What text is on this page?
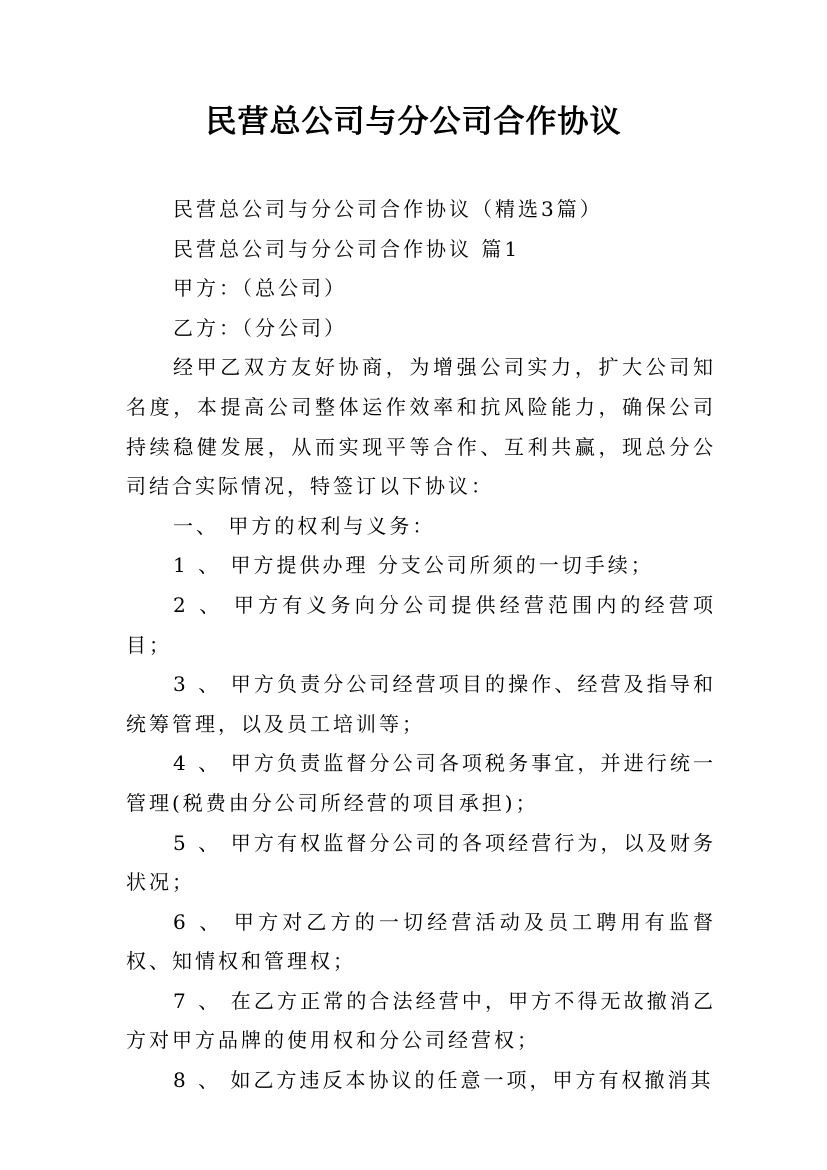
民营总公司与分公司合作协议

民营总公司与分公司合作协议（精选3篇）

民营总公司与分公司合作协议 篇1

甲方：（总公司）

乙方：（分公司）

经甲乙双方友好协商，为增强公司实力，扩大公司知名度，本提高公司整体运作效率和抗风险能力，确保公司持续稳健发展，从而实现平等合作、互利共赢，现总分公司结合实际情况，特签订以下协议：

一、 甲方的权利与义务：

1 、 甲方提供办理 分支公司所须的一切手续；

2 、 甲方有义务向分公司提供经营范围内的经营项目；

3 、 甲方负责分公司经营项目的操作、经营及指导和统筹管理，以及员工培训等；

4 、 甲方负责监督分公司各项税务事宜，并进行统一管理(税费由分公司所经营的项目承担)；

5 、 甲方有权监督分公司的各项经营行为，以及财务状况；

6 、 甲方对乙方的一切经营活动及员工聘用有监督权、知情权和管理权；

7 、 在乙方正常的合法经营中，甲方不得无故撤消乙方对甲方品牌的使用权和分公司经营权；

8 、 如乙方违反本协议的任意一项，甲方有权撤消其
